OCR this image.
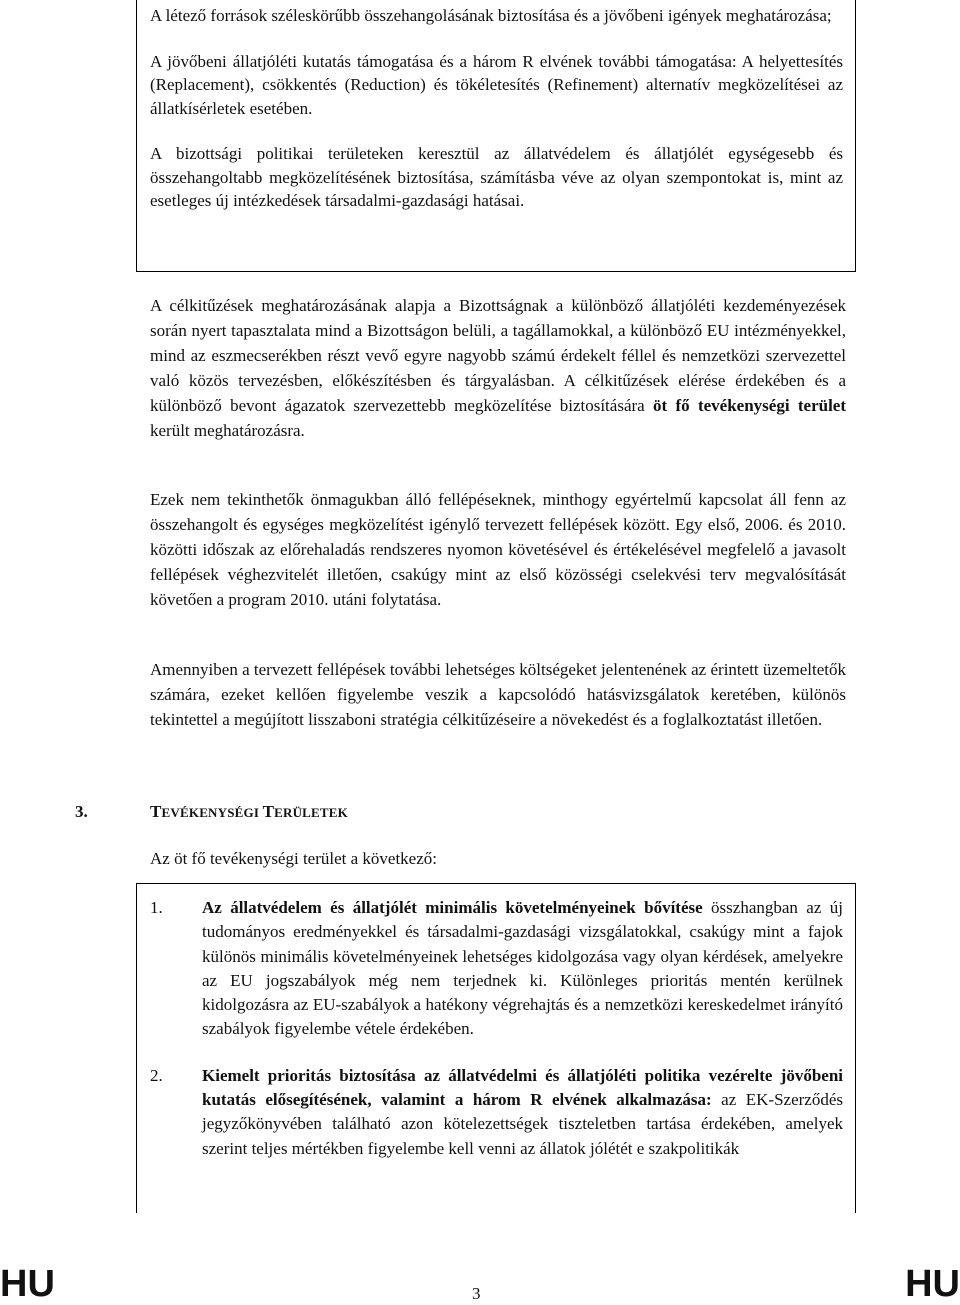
A létező források széleskörűbb összehangolásának biztosítása és a jövőbeni igények meghatározása;

A jövőbeni állatjóléti kutatás támogatása és a három R elvének további támogatása: A helyettesítés (Replacement), csökkentés (Reduction) és tökéletesítés (Refinement) alternatív megközelítései az állatkísérletek esetében.

A bizottsági politikai területeken keresztül az állatvédelem és állatjólét egységesebb és összehangoltabb megközelítésének biztosítása, számításba véve az olyan szempontokat is, mint az esetleges új intézkedések társadalmi-gazdasági hatásai.

A célkitűzések meghatározásának alapja a Bizottságnak a különböző állatjóléti kezdeményezések során nyert tapasztalata mind a Bizottságon belüli, a tagállamokkal, a különböző EU intézményekkel, mind az eszmecserékben részt vevő egyre nagyobb számú érdekelt féllel és nemzetközi szervezettel való közös tervezésben, előkészítésben és tárgyalásban. A célkitűzések elérése érdekében és a különböző bevont ágazatok szervezettebb megközelítése biztosítására öt fő tevékenységi terület került meghatározásra.

Ezek nem tekinthetők önmagukban álló fellépéseknek, minthogy egyértelmű kapcsolat áll fenn az összehangolt és egységes megközelítést igénylő tervezett fellépések között. Egy első, 2006. és 2010. közötti időszak az előrehaladás rendszeres nyomon követésével és értékelésével megfelelő a javasolt fellépések véghezvitelét illetően, csakúgy mint az első közösségi cselekvési terv megvalósítását követően a program 2010. utáni folytatása.

Amennyiben a tervezett fellépések további lehetséges költségeket jelentenének az érintett üzemeltetők számára, ezeket kellően figyelembe veszik a kapcsolódó hatásvizsgálatok keretében, különös tekintettel a megújított lisszaboni stratégia célkitűzéseire a növekedést és a foglalkoztatást illetően.

3.	TEVÉKENYSÉGI TERÜLETEK
Az öt fő tevékenységi terület a következő:
1.	Az állatvédelem és állatjólét minimális követelményeinek bővítése összhangban az új tudományos eredményekkel és társadalmi-gazdasági vizsgálatokkal, csakúgy mint a fajok különös minimális követelményeinek lehetséges kidolgozása vagy olyan kérdések, amelyekre az EU jogszabályok még nem terjednek ki. Különleges prioritás mentén kerülnek kidolgozásra az EU-szabályok a hatékony végrehajtás és a nemzetközi kereskedelmet irányító szabályok figyelembe vétele érdekében.
2.	Kiemelt prioritás biztosítása az állatvédelmi és állatjóléti politika vezérelte jövőbeni kutatás elősegítésének, valamint a három R elvének alkalmazása: az EK-Szerződés jegyzőkönyvében található azon kötelezettségek tiszteletben tartása érdekében, amelyek szerint teljes mértékben figyelembe kell venni az állatok jólétét e szakpolitikák
HU	3	HU
